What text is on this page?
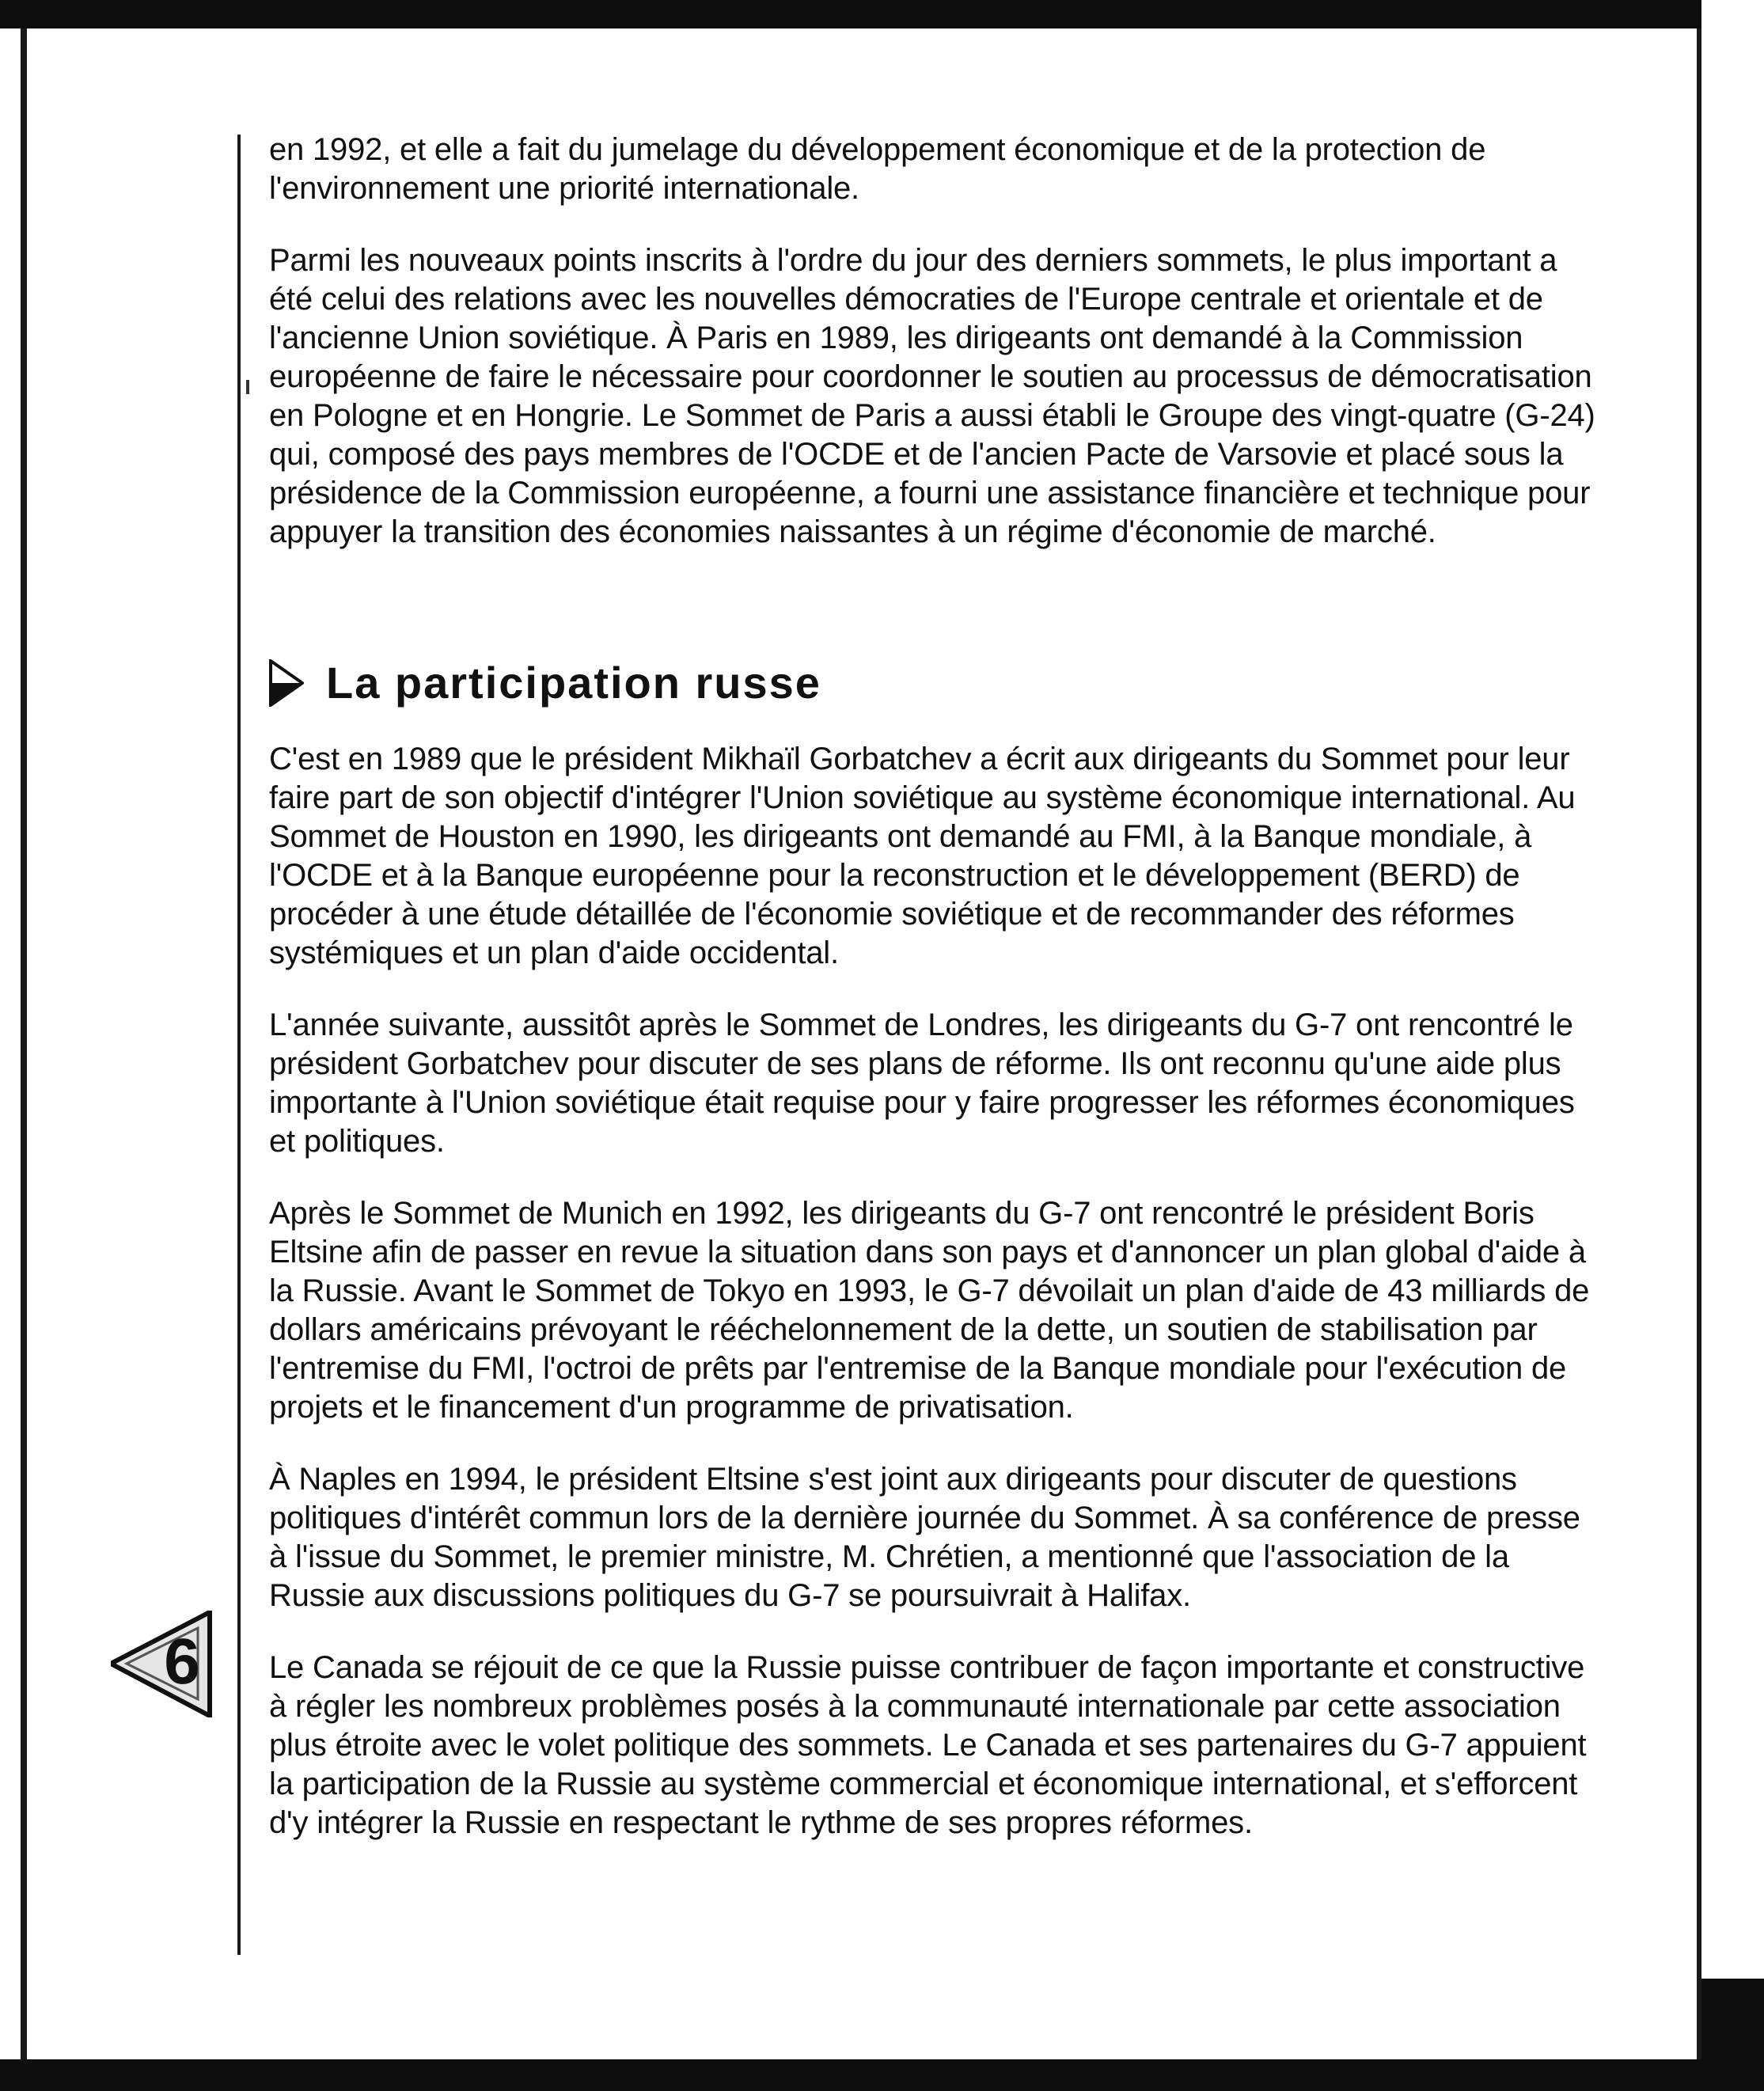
en 1992, et elle a fait du jumelage du développement économique et de la protection de l'environnement une priorité internationale.

Parmi les nouveaux points inscrits à l'ordre du jour des derniers sommets, le plus important a été celui des relations avec les nouvelles démocraties de l'Europe centrale et orientale et de l'ancienne Union soviétique. À Paris en 1989, les dirigeants ont demandé à la Commission européenne de faire le nécessaire pour coordonner le soutien au processus de démocratisation en Pologne et en Hongrie. Le Sommet de Paris a aussi établi le Groupe des vingt-quatre (G-24) qui, composé des pays membres de l'OCDE et de l'ancien Pacte de Varsovie et placé sous la présidence de la Commission européenne, a fourni une assistance financière et technique pour appuyer la transition des économies naissantes à un régime d'économie de marché.

La participation russe

C'est en 1989 que le président Mikhaïl Gorbatchev a écrit aux dirigeants du Sommet pour leur faire part de son objectif d'intégrer l'Union soviétique au système économique international. Au Sommet de Houston en 1990, les dirigeants ont demandé au FMI, à la Banque mondiale, à l'OCDE et à la Banque européenne pour la reconstruction et le développement (BERD) de procéder à une étude détaillée de l'économie soviétique et de recommander des réformes systémiques et un plan d'aide occidental.

L'année suivante, aussitôt après le Sommet de Londres, les dirigeants du G-7 ont rencontré le président Gorbatchev pour discuter de ses plans de réforme. Ils ont reconnu qu'une aide plus importante à l'Union soviétique était requise pour y faire progresser les réformes économiques et politiques.

Après le Sommet de Munich en 1992, les dirigeants du G-7 ont rencontré le président Boris Eltsine afin de passer en revue la situation dans son pays et d'annoncer un plan global d'aide à la Russie. Avant le Sommet de Tokyo en 1993, le G-7 dévoilait un plan d'aide de 43 milliards de dollars américains prévoyant le rééchelonnement de la dette, un soutien de stabilisation par l'entremise du FMI, l'octroi de prêts par l'entremise de la Banque mondiale pour l'exécution de projets et le financement d'un programme de privatisation.

À Naples en 1994, le président Eltsine s'est joint aux dirigeants pour discuter de questions politiques d'intérêt commun lors de la dernière journée du Sommet. À sa conférence de presse à l'issue du Sommet, le premier ministre, M. Chrétien, a mentionné que l'association de la Russie aux discussions politiques du G-7 se poursuivrait à Halifax.

Le Canada se réjouit de ce que la Russie puisse contribuer de façon importante et constructive à régler les nombreux problèmes posés à la communauté internationale par cette association plus étroite avec le volet politique des sommets. Le Canada et ses partenaires du G-7 appuient la participation de la Russie au système commercial et économique international, et s'efforcent d'y intégrer la Russie en respectant le rythme de ses propres réformes.

6
